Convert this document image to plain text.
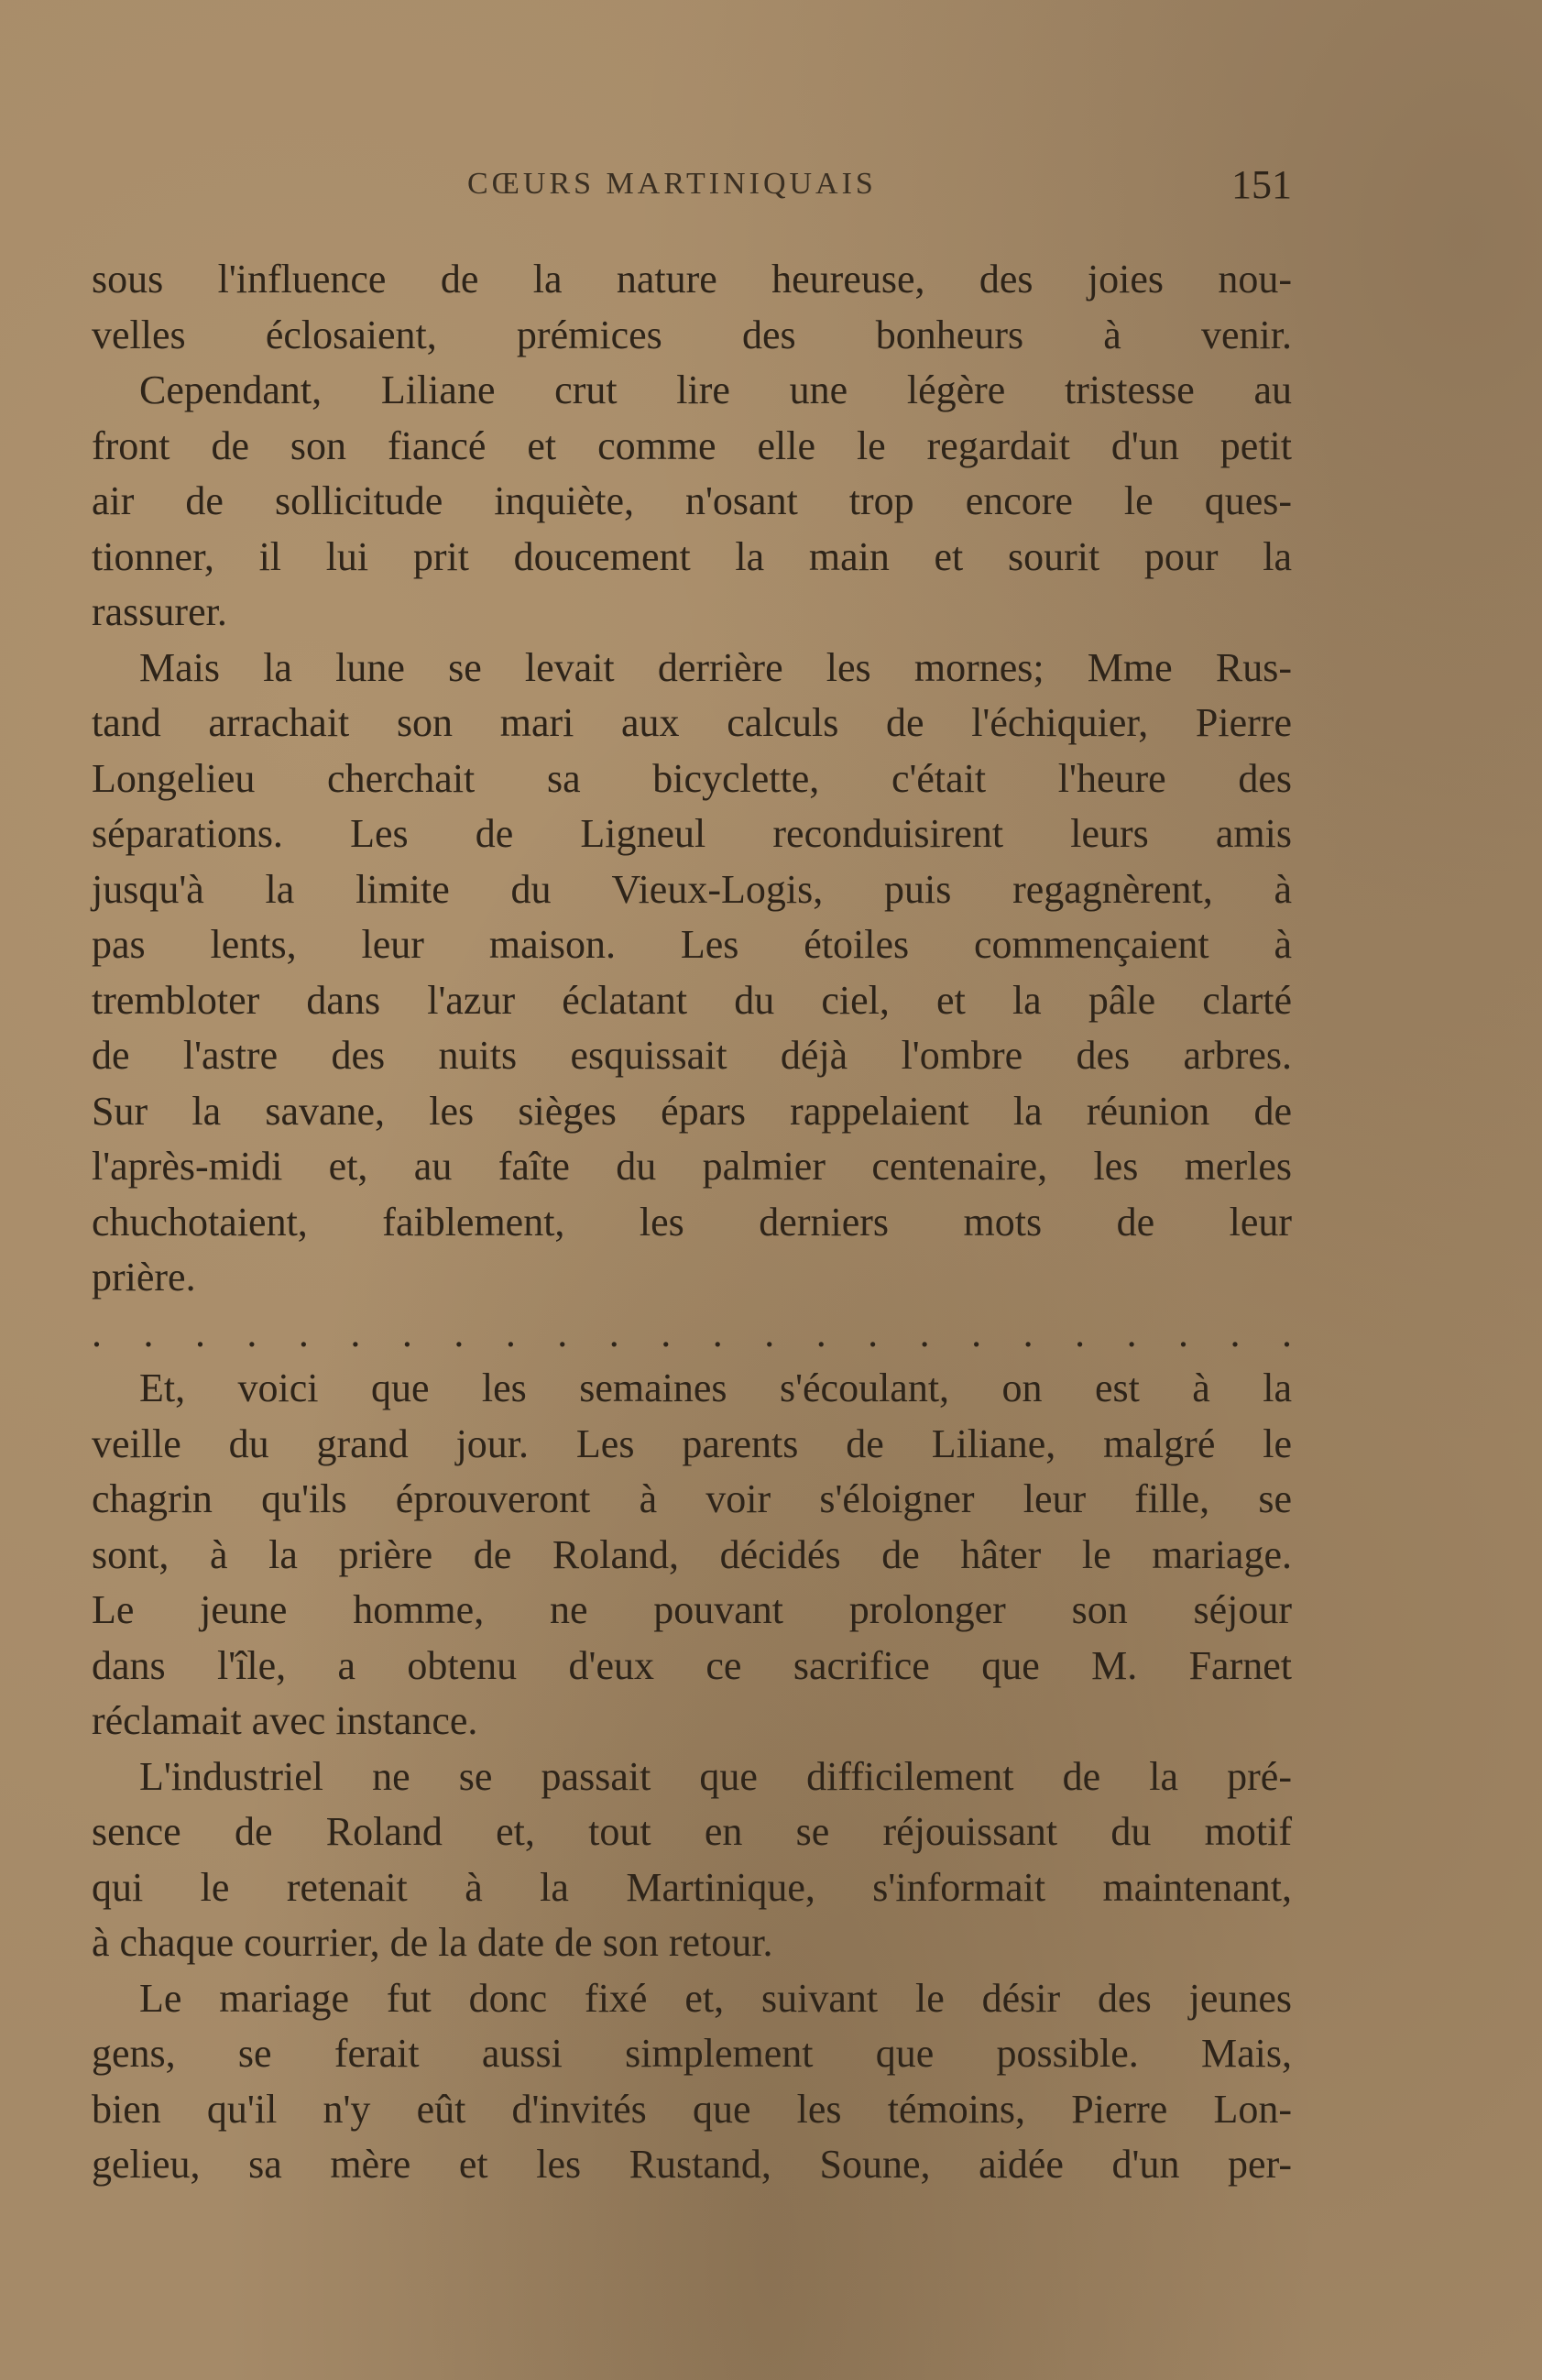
CŒURS MARTINIQUAIS	151
sous l'influence de la nature heureuse, des joies nou-
velles éclosaient, prémices des bonheurs à venir.
Cependant, Liliane crut lire une légère tristesse au
front de son fiancé et comme elle le regardait d'un petit
air de sollicitude inquiète, n'osant trop encore le ques-
tionner, il lui prit doucement la main et sourit pour la
rassurer.
Mais la lune se levait derrière les mornes; Mme Rus-
tand arrachait son mari aux calculs de l'échiquier, Pierre
Longelieu cherchait sa bicyclette, c'était l'heure des
séparations. Les de Ligneul reconduisirent leurs amis
jusqu'à la limite du Vieux-Logis, puis regagnèrent, à
pas lents, leur maison. Les étoiles commençaient à
trembloter dans l'azur éclatant du ciel, et la pâle clarté
de l'astre des nuits esquissait déjà l'ombre des arbres.
Sur la savane, les sièges épars rappelaient la réunion de
l'après-midi et, au faîte du palmier centenaire, les merles
chuchotaient, faiblement, les derniers mots de leur
prière.
. . . . . . . . . . . . . . . . . . . . . . . .
Et, voici que les semaines s'écoulant, on est à la
veille du grand jour. Les parents de Liliane, malgré le
chagrin qu'ils éprouveront à voir s'éloigner leur fille, se
sont, à la prière de Roland, décidés de hâter le mariage.
Le jeune homme, ne pouvant prolonger son séjour
dans l'île, a obtenu d'eux ce sacrifice que M. Farnet
réclamait avec instance.
L'industriel ne se passait que difficilement de la pré-
sence de Roland et, tout en se réjouissant du motif
qui le retenait à la Martinique, s'informait maintenant,
à chaque courrier, de la date de son retour.
Le mariage fut donc fixé et, suivant le désir des jeunes
gens, se ferait aussi simplement que possible. Mais,
bien qu'il n'y eût d'invités que les témoins, Pierre Lon-
gelieu, sa mère et les Rustand, Soune, aidée d'un per-
